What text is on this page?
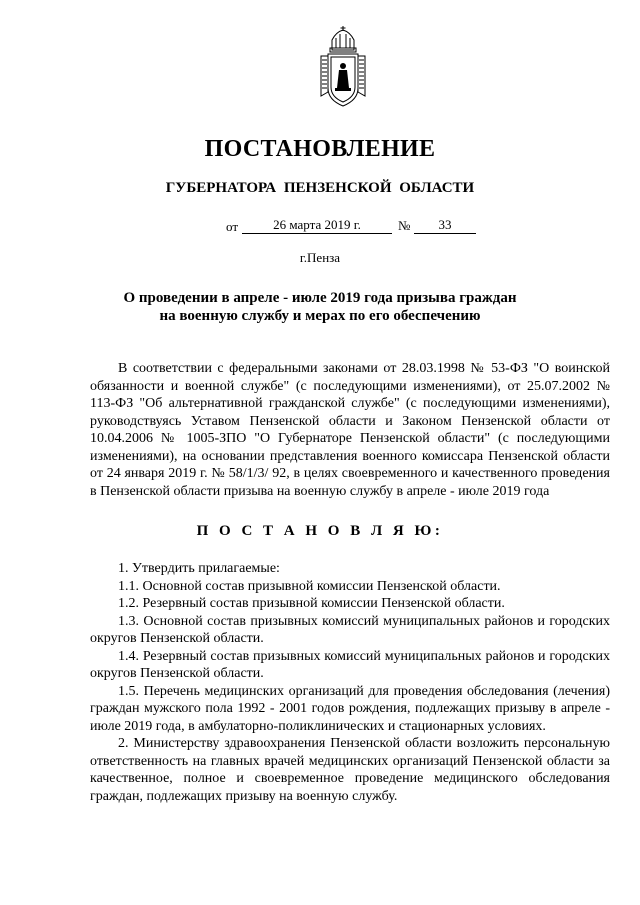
ПОСТАНОВЛЕНИЕ
ГУБЕРНАТОРА ПЕНЗЕНСКОЙ ОБЛАСТИ
от	26 марта 2019 г.	№	33
г.Пенза
О проведении в апреле - июле 2019 года призыва граждан
на военную службу и мерах по его обеспечению

В соответствии с федеральными законами от 28.03.1998 № 53-ФЗ "О воинской обязанности и военной службе" (с последующими изменениями), от 25.07.2002 № 113-ФЗ "Об альтернативной гражданской службе" (с последующими изменениями), руководствуясь Уставом Пензенской области и Законом Пензенской области от 10.04.2006 № 1005-ЗПО "О Губернаторе Пензенской области" (с последующими изменениями), на основании представления военного комиссара Пензенской области от 24 января 2019 г. № 58/1/3/ 92, в целях своевременного и качественного проведения в Пензенской области призыва на военную службу в апреле - июле 2019 года

П О С Т А Н О В Л Я Ю:

1. Утвердить прилагаемые:

1.1. Основной состав призывной комиссии Пензенской области.

1.2. Резервный состав призывной комиссии Пензенской области.

1.3. Основной состав призывных комиссий муниципальных районов и городских округов Пензенской области.

1.4. Резервный состав призывных комиссий муниципальных районов и городских округов Пензенской области.

1.5. Перечень медицинских организаций для проведения обследования (лечения) граждан мужского пола 1992 - 2001 годов рождения, подлежащих призыву в апреле - июле 2019 года, в амбулаторно-поликлинических и стационарных условиях.

2. Министерству здравоохранения Пензенской области возложить персональную ответственность на главных врачей медицинских организаций Пензенской области за качественное, полное и своевременное проведение медицинского обследования граждан, подлежащих призыву на военную службу.
